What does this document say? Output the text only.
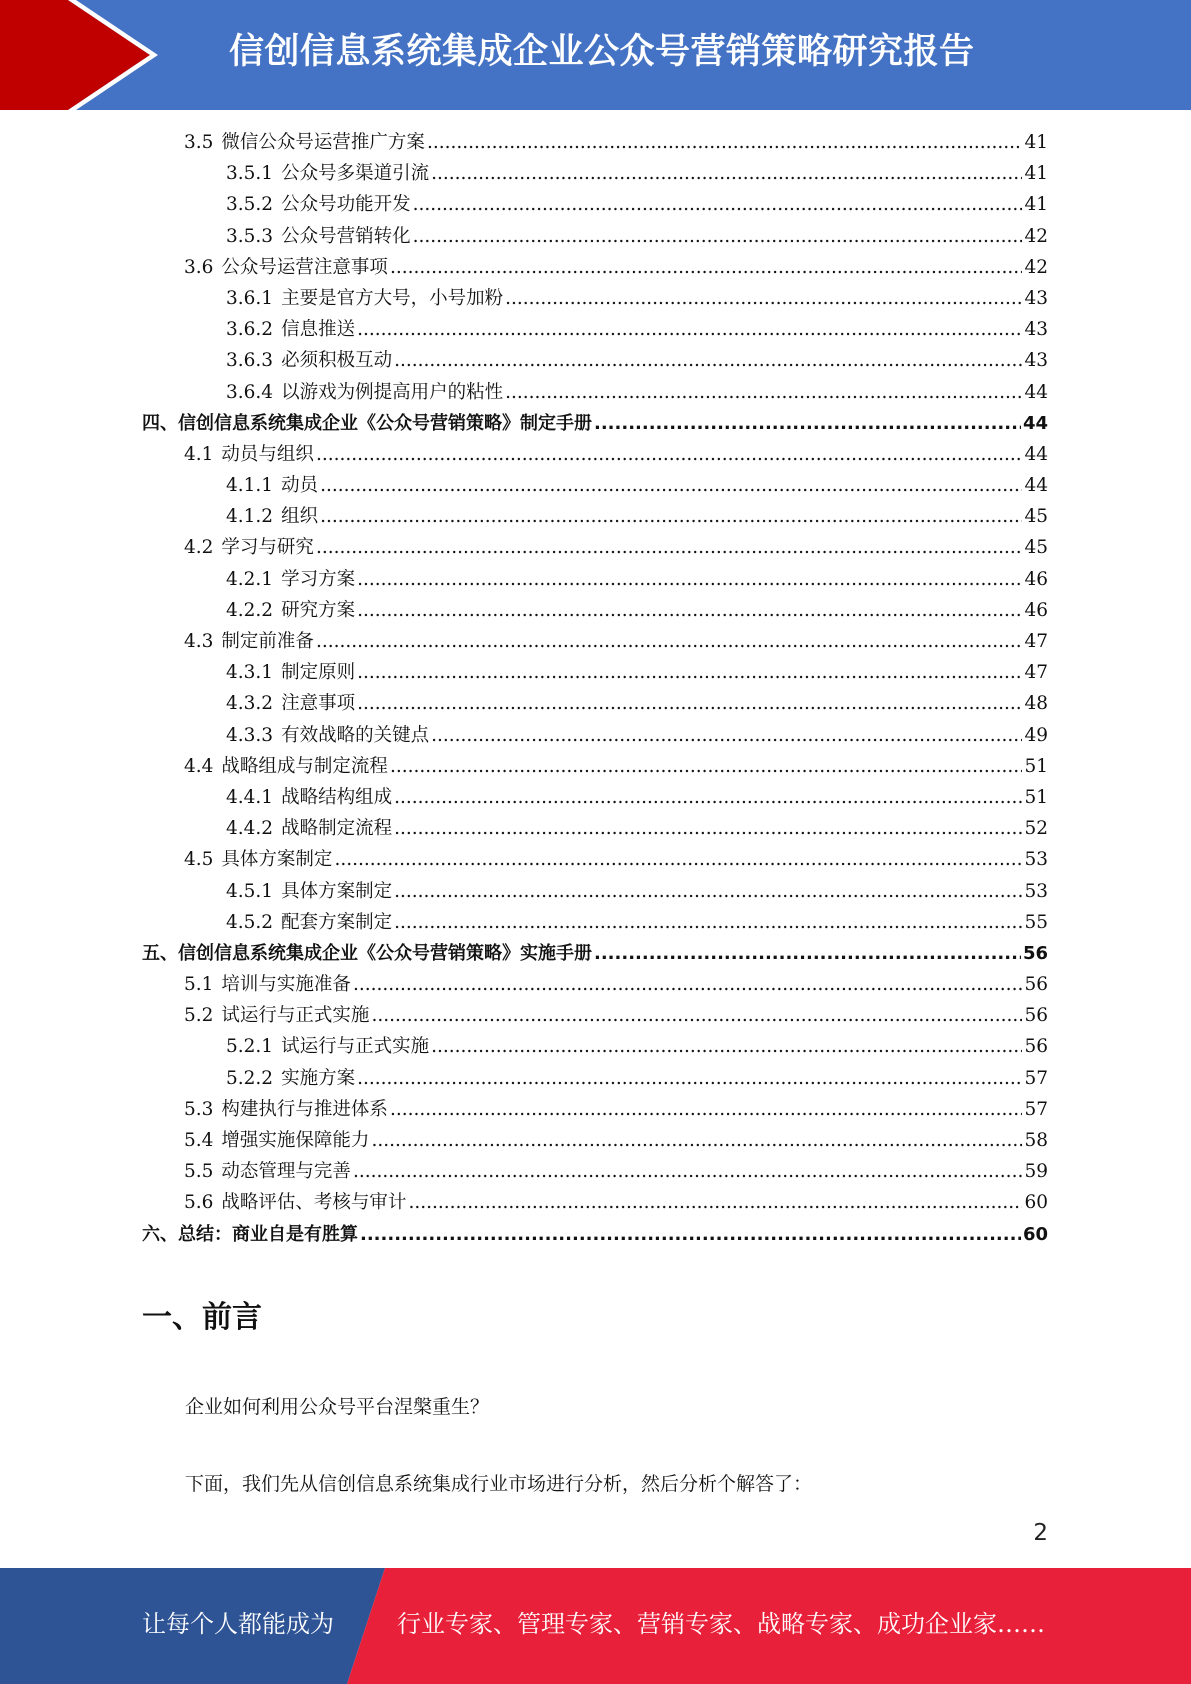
信创信息系统集成企业公众号营销策略研究报告
3.5 微信公众号运营推广方案 .....	41
3.5.1 公众号多渠道引流 .....	41
3.5.2 公众号功能开发 .....	41
3.5.3 公众号营销转化 .....	42
3.6 公众号运营注意事项 .....	42
3.6.1 主要是官方大号，小号加粉 .....	43
3.6.2 信息推送 .....	43
3.6.3 必须积极互动 .....	43
3.6.4 以游戏为例提高用户的粘性 .....	44
四、信创信息系统集成企业《公众号营销策略》制定手册 .....	44
4.1 动员与组织 .....	44
4.1.1 动员 .....	44
4.1.2 组织 .....	45
4.2 学习与研究 .....	45
4.2.1 学习方案 .....	46
4.2.2 研究方案 .....	46
4.3 制定前准备 .....	47
4.3.1 制定原则 .....	47
4.3.2 注意事项 .....	48
4.3.3 有效战略的关键点 .....	49
4.4 战略组成与制定流程 .....	51
4.4.1 战略结构组成 .....	51
4.4.2 战略制定流程 .....	52
4.5 具体方案制定 .....	53
4.5.1 具体方案制定 .....	53
4.5.2 配套方案制定 .....	55
五、信创信息系统集成企业《公众号营销策略》实施手册 .....	56
5.1 培训与实施准备 .....	56
5.2 试运行与正式实施 .....	56
5.2.1 试运行与正式实施 .....	56
5.2.2 实施方案 .....	57
5.3 构建执行与推进体系 .....	57
5.4 增强实施保障能力 .....	58
5.5 动态管理与完善 .....	59
5.6 战略评估、考核与审计 .....	60
六、总结：商业自是有胜算 .....	60
一、前言
企业如何利用公众号平台涅槃重生？
下面，我们先从信创信息系统集成行业市场进行分析，然后分析个解答了：
2
让每个人都能成为	行业专家、管理专家、营销专家、战略专家、成功企业家……
